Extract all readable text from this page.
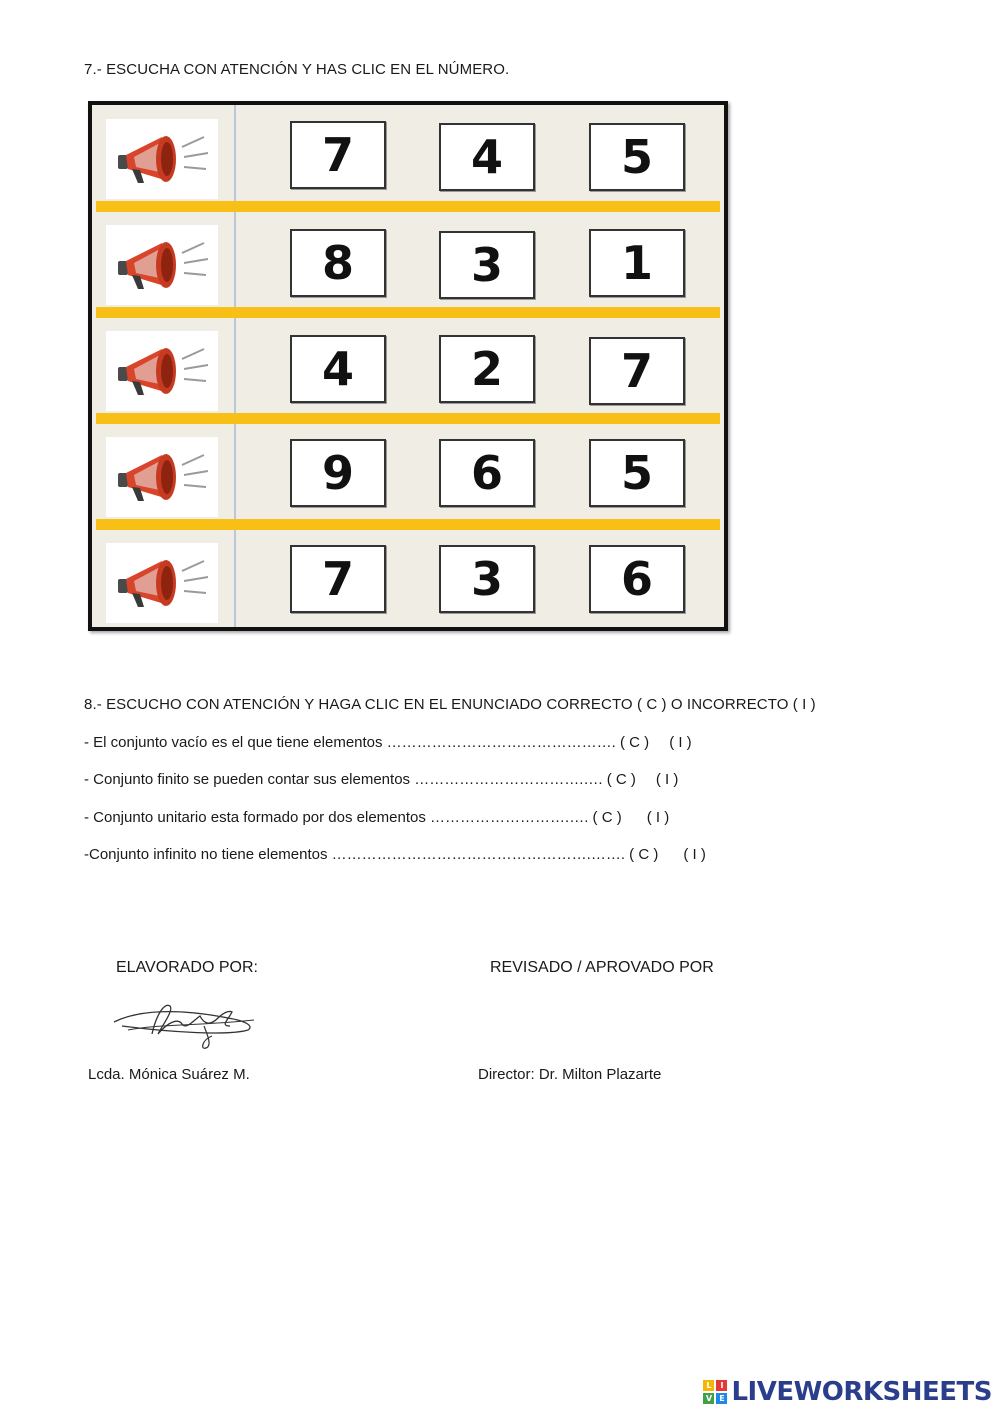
7.- ESCUCHA CON ATENCIÓN Y HAS CLIC EN EL NÚMERO.
7	4	5
8	3	1
4	2	7
9	6	5
7	3	6
8.- ESCUCHO CON ATENCIÓN Y HAGA CLIC EN EL ENUNCIADO CORRECTO ( C ) O INCORRECTO ( I )
- El conjunto vacío es el que tiene elementos ………………………………………. ( C ) ( I )
- Conjunto finito se pueden contar sus elementos …………………………….…. ( C ) ( I )
- Conjunto unitario esta formado por dos elementos ……………………….…. ( C ) ( I )
-Conjunto infinito no tiene elementos …………………………………………….……. ( C ) ( I )
ELAVORADO POR:	REVISADO / APROVADO POR
Lcda. Mónica Suárez M.	Director: Dr. Milton Plazarte
L	I
V E LIVEWORKSHEETS
